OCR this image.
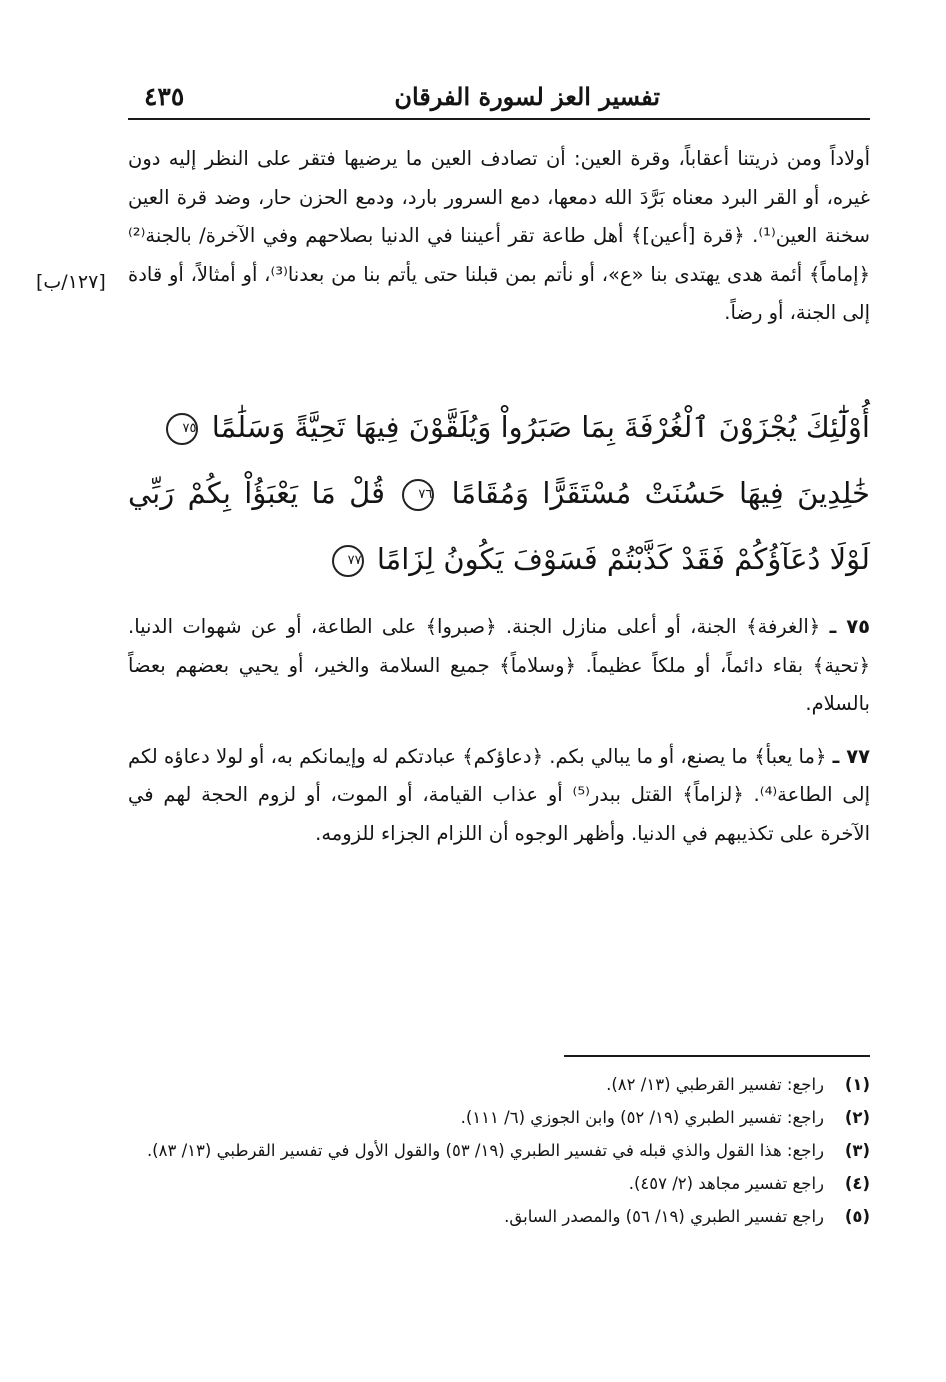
تفسير العز لسورة الفرقان
٤٣٥

أولاداً ومن ذريتنا أعقاباً، وقرة العين: أن تصادف العين ما يرضيها فتقر على النظر إليه دون غيره، أو القر البرد معناه بَرَّدَ الله دمعها، دمع السرور بارد، ودمع الحزن حار، وضد قرة العين سخنة العين⁽¹⁾. ﴿قرة [أعين]﴾ أهل طاعة تقر أعيننا في الدنيا بصلاحهم وفي الآخرة/ بالجنة⁽²⁾ ﴿إماماً﴾ أئمة هدى يهتدى بنا «ع»، أو نأتم بمن قبلنا حتى يأتم بنا من بعدنا⁽³⁾، أو أمثالاً، أو قادة إلى الجنة، أو رضاً.

[١٢٧/ب]

أُوْلَٰٓئِكَ يُجْزَوْنَ ٱلْغُرْفَةَ بِمَا صَبَرُواْ وَيُلَقَّوْنَ فِيهَا تَحِيَّةً وَسَلَٰمًا ٧٥

خَٰلِدِينَ فِيهَا حَسُنَتْ مُسْتَقَرًّا وَمُقَامًا ٧٦ قُلْ مَا يَعْبَؤُاْ بِكُمْ رَبِّي لَوْلَا دُعَآؤُكُمْ فَقَدْ كَذَّبْتُمْ فَسَوْفَ يَكُونُ لِزَامًا ٧٧

٧٥ ـ ﴿الغرفة﴾ الجنة، أو أعلى منازل الجنة. ﴿صبروا﴾ على الطاعة، أو عن شهوات الدنيا. ﴿تحية﴾ بقاء دائماً، أو ملكاً عظيماً. ﴿وسلاماً﴾ جميع السلامة والخير، أو يحيي بعضهم بعضاً بالسلام.

٧٧ ـ ﴿ما يعبأ﴾ ما يصنع، أو ما يبالي بكم. ﴿دعاؤكم﴾ عبادتكم له وإيمانكم به، أو لولا دعاؤه لكم إلى الطاعة⁽⁴⁾. ﴿لزاماً﴾ القتل ببدر⁽⁵⁾ أو عذاب القيامة، أو الموت، أو لزوم الحجة لهم في الآخرة على تكذيبهم في الدنيا. وأظهر الوجوه أن اللزام الجزاء للزومه.

(١)
راجع: تفسير القرطبي (١٣/ ٨٢).
(٢)
راجع: تفسير الطبري (١٩/ ٥٢) وابن الجوزي (٦/ ١١١).
(٣)
راجع: هذا القول والذي قبله في تفسير الطبري (١٩/ ٥٣) والقول الأول في تفسير القرطبي (١٣/ ٨٣).
(٤)
راجع تفسير مجاهد (٢/ ٤٥٧).
(٥)
راجع تفسير الطبري (١٩/ ٥٦) والمصدر السابق.
